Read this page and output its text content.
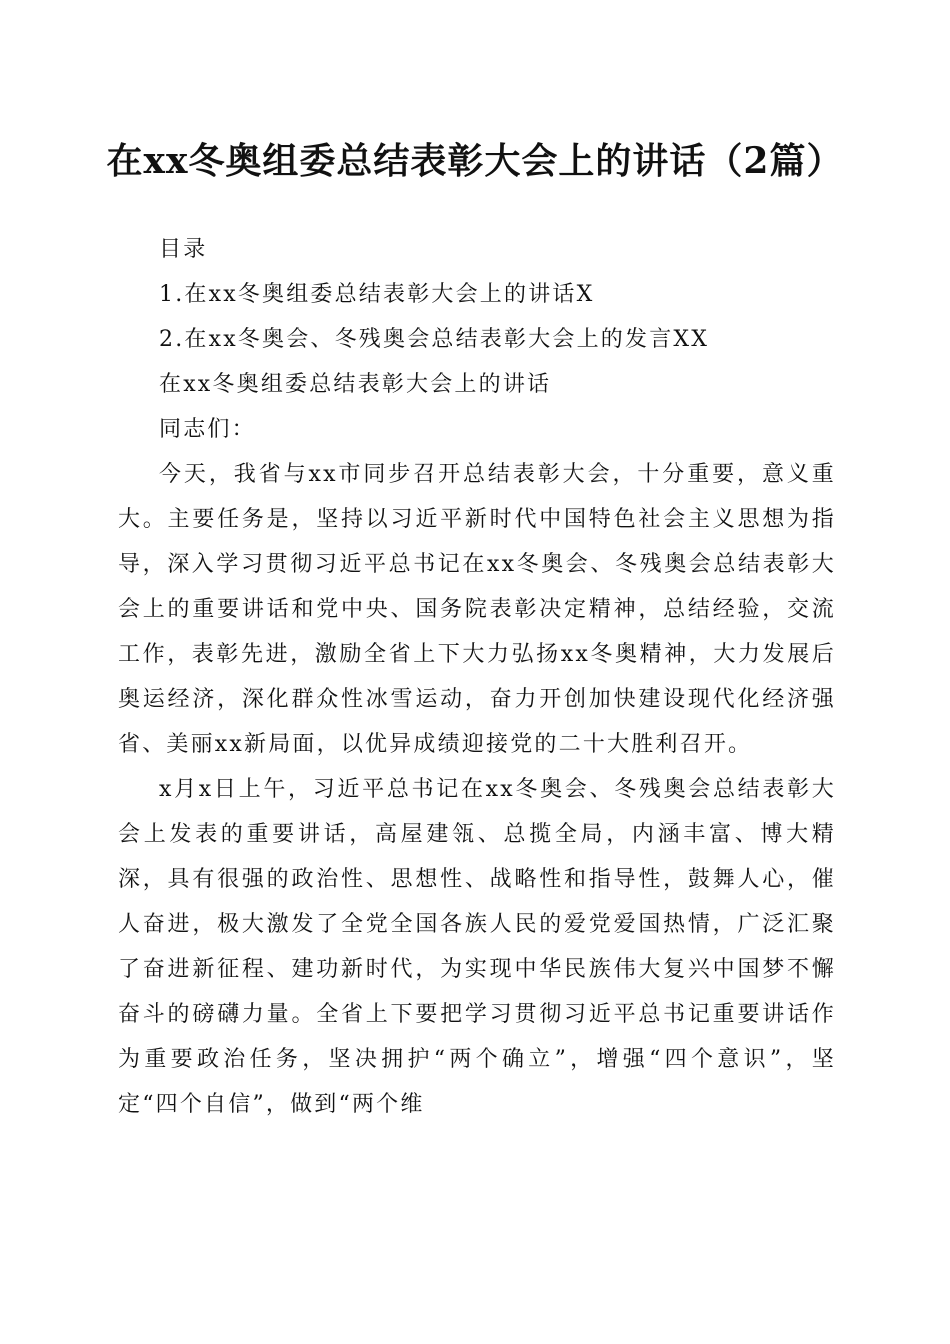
在xx冬奥组委总结表彰大会上的讲话（2篇）
目录
1.在xx冬奥组委总结表彰大会上的讲话X
2.在xx冬奥会、冬残奥会总结表彰大会上的发言XX
在xx冬奥组委总结表彰大会上的讲话
同志们：

今天，我省与xx市同步召开总结表彰大会，十分重要，意义重大。主要任务是，坚持以习近平新时代中国特色社会主义思想为指导，深入学习贯彻习近平总书记在xx冬奥会、冬残奥会总结表彰大会上的重要讲话和党中央、国务院表彰决定精神，总结经验，交流工作，表彰先进，激励全省上下大力弘扬xx冬奥精神，大力发展后奥运经济，深化群众性冰雪运动，奋力开创加快建设现代化经济强省、美丽xx新局面，以优异成绩迎接党的二十大胜利召开。

x月x日上午，习近平总书记在xx冬奥会、冬残奥会总结表彰大会上发表的重要讲话，高屋建瓴、总揽全局，内涵丰富、博大精深，具有很强的政治性、思想性、战略性和指导性，鼓舞人心，催人奋进，极大激发了全党全国各族人民的爱党爱国热情，广泛汇聚了奋进新征程、建功新时代，为实现中华民族伟大复兴中国梦不懈奋斗的磅礴力量。全省上下要把学习贯彻习近平总书记重要讲话作为重要政治任务，坚决拥护“两个确立”，增强“四个意识”，坚定“四个自信”，做到“两个维
